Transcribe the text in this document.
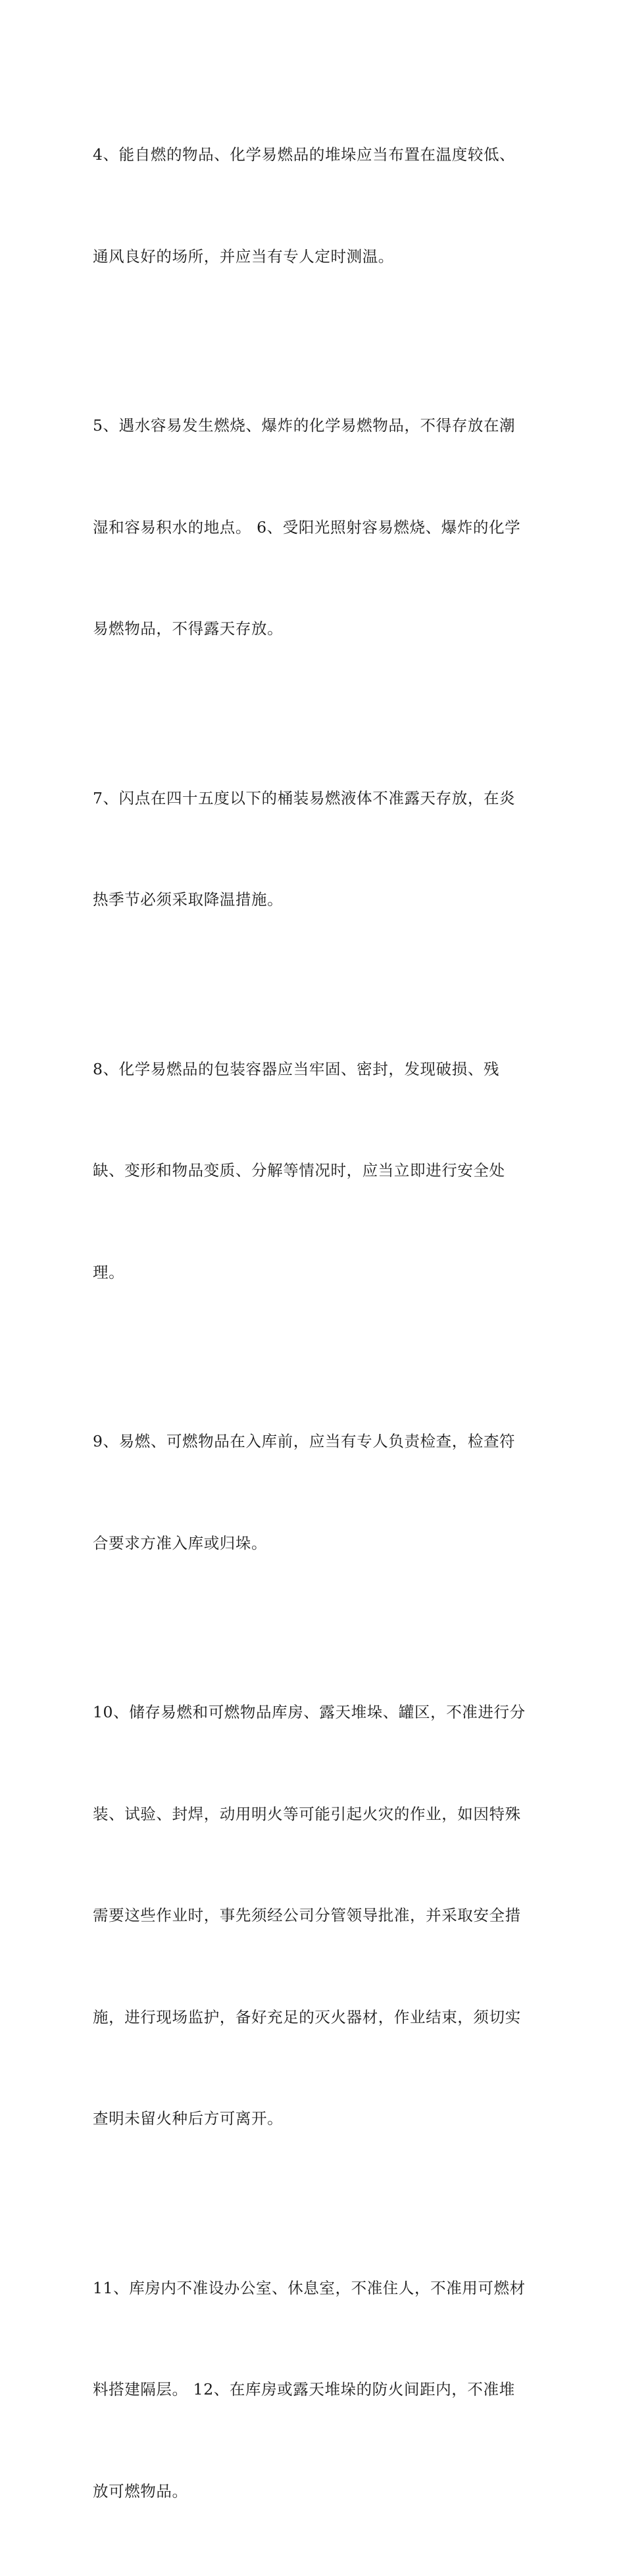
4、能自燃的物品、化学易燃品的堆垛应当布置在温度较低、

通风良好的场所，并应当有专人定时测温。

5、遇水容易发生燃烧、爆炸的化学易燃物品，不得存放在潮

湿和容易积水的地点。 6、受阳光照射容易燃烧、爆炸的化学

易燃物品，不得露天存放。

7、闪点在四十五度以下的桶装易燃液体不准露天存放，在炎

热季节必须采取降温措施。

8、化学易燃品的包装容器应当牢固、密封，发现破损、残

缺、变形和物品变质、分解等情况时，应当立即进行安全处

理。

9、易燃、可燃物品在入库前，应当有专人负责检查，检查符

合要求方准入库或归垛。

10、储存易燃和可燃物品库房、露天堆垛、罐区，不准进行分

装、试验、封焊，动用明火等可能引起火灾的作业，如因特殊

需要这些作业时，事先须经公司分管领导批准，并采取安全措

施，进行现场监护，备好充足的灭火器材，作业结束，须切实

查明未留火种后方可离开。

11、库房内不准设办公室、休息室，不准住人，不准用可燃材

料搭建隔层。 12、在库房或露天堆垛的防火间距内，不准堆

放可燃物品。
